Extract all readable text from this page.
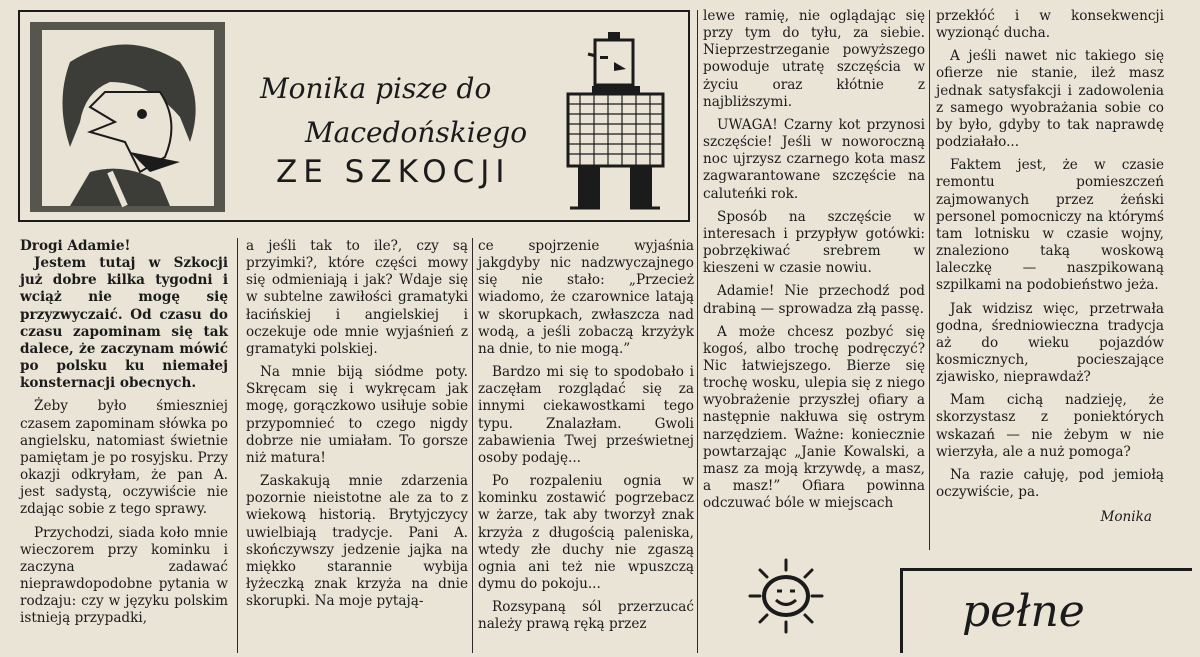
Monika pisze do
Macedońskiego
ZE SZKOCJI

Drogi Adamie!

Jestem tutaj w Szkocji już dobre kilka tygodni i wciąż nie mogę się przyzwyczaić. Od czasu do czasu zapominam się tak dalece, że zaczynam mówić po polsku ku niemałej konsternacji obecnych.

Żeby było śmieszniej czasem zapominam słówka po angielsku, natomiast świetnie pamiętam je po rosyjsku. Przy okazji odkryłam, że pan A. jest sadystą, oczywiście nie zdając sobie z tego sprawy.

Przychodzi, siada koło mnie wieczorem przy kominku i zaczyna zadawać nieprawdopodobne pytania w rodzaju: czy w języku polskim istnieją przypadki,

a jeśli tak to ile?, czy są przyimki?, które części mowy się odmieniają i jak? Wdaje się w subtelne zawiłości gramatyki łacińskiej i angielskiej i oczekuje ode mnie wyjaśnień z gramatyki polskiej.

Na mnie biją siódme poty. Skręcam się i wykręcam jak mogę, gorączkowo usiłuje sobie przypomnieć to czego nigdy dobrze nie umiałam. To gorsze niż matura!

Zaskakują mnie zdarzenia pozornie nieistotne ale za to z wiekową historią. Brytyjczycy uwielbiają tradycje. Pani A. skończywszy jedzenie jajka na miękko starannie wybija łyżeczką znak krzyża na dnie skorupki. Na moje pytają-

ce spojrzenie wyjaśnia jakgdyby nic nadzwyczajnego się nie stało: „Przecież wiadomo, że czarownice latają w skorupkach, zwłaszcza nad wodą, a jeśli zobaczą krzyżyk na dnie, to nie mogą.”

Bardzo mi się to spodobało i zaczęłam rozglądać się za innymi ciekawostkami tego typu. Znalazłam. Gwoli zabawienia Twej prześwietnej osoby podaję...

Po rozpaleniu ognia w kominku zostawić pogrzebacz w żarze, tak aby tworzył znak krzyża z długością paleniska, wtedy złe duchy nie zgaszą ognia ani też nie wpuszczą dymu do pokoju...

Rozsypaną sól przerzucać należy prawą ręką przez

lewe ramię, nie oglądając się przy tym do tyłu, za siebie. Nieprzestrzeganie powyższego powoduje utratę szczęścia w życiu oraz kłótnie z najbliższymi.

UWAGA! Czarny kot przynosi szczęście! Jeśli w noworoczną noc ujrzysz czarnego kota masz zagwarantowane szczęście na caluteńki rok.

Sposób na szczęście w interesach i przypływ gotówki: pobrzękiwać srebrem w kieszeni w czasie nowiu.

Adamie! Nie przechodź pod drabiną — sprowadza złą passę.

A może chcesz pozbyć się kogoś, albo trochę podręczyć? Nic łatwiejszego. Bierze się trochę wosku, ulepia się z niego wyobrażenie przyszłej ofiary a następnie nakłuwa się ostrym narzędziem. Ważne: koniecznie powtarzając „Janie Kowalski, a masz za moją krzywdę, a masz, a masz!” Ofiara powinna odczuwać bóle w miejscach

przekłóć i w konsekwencji wyzionąć ducha.

A jeśli nawet nic takiego się ofierze nie stanie, ileż masz jednak satysfakcji i zadowolenia z samego wyobrażania sobie co by było, gdyby to tak naprawdę podziałało...

Faktem jest, że w czasie remontu pomieszczeń zajmowanych przez żeński personel pomocniczy na którymś tam lotnisku w czasie wojny, znaleziono taką woskową laleczkę — naszpikowaną szpilkami na podobieństwo jeża.

Jak widzisz więc, przetrwała godna, średniowieczna tradycja aż do wieku pojazdów kosmicznych, pocieszające zjawisko, nieprawdaż?

Mam cichą nadzieję, że skorzystasz z poniektórych wskazań — nie żebym w nie wierzyła, ale a nuż pomoga?

Na razie całuję, pod jemiołą oczywiście, pa.

Monika

pełne
